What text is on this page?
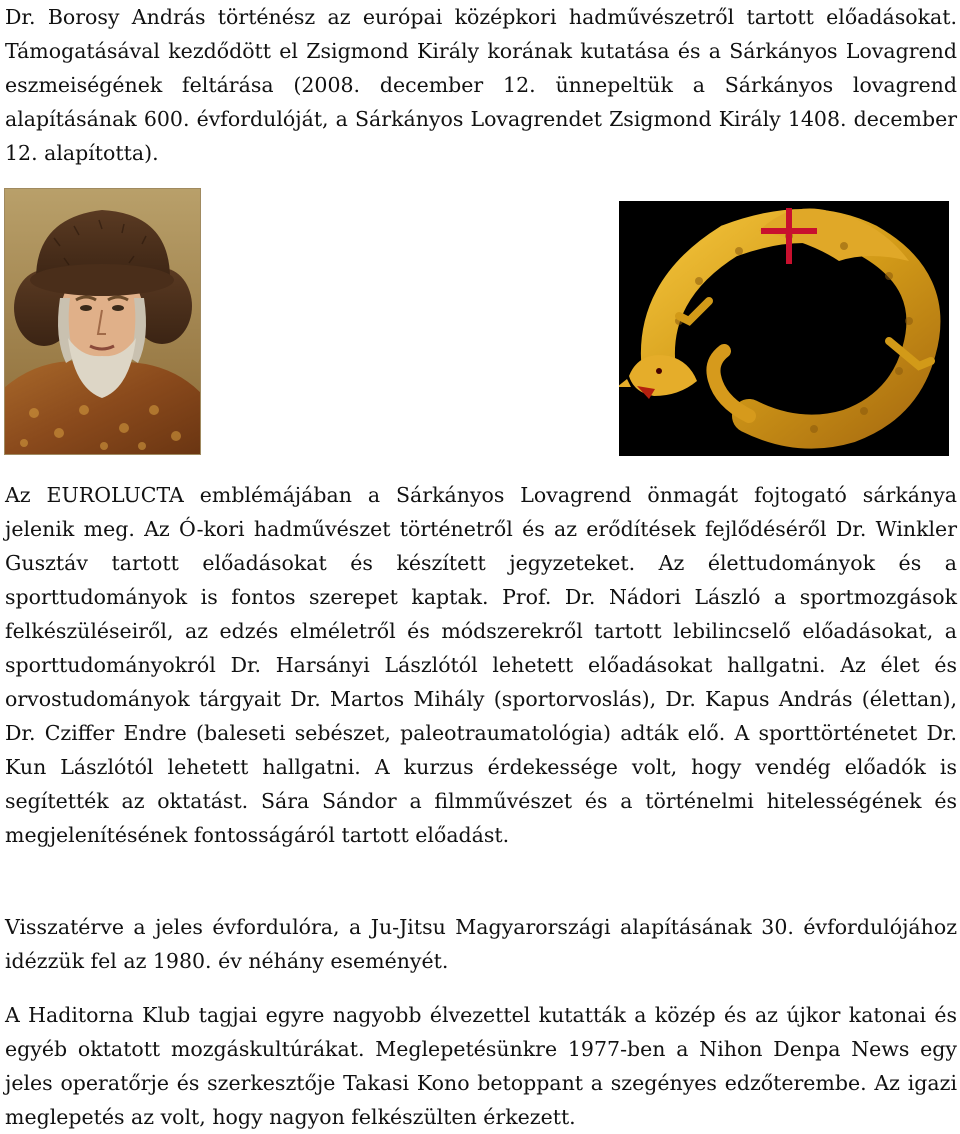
Dr. Borosy András történész az európai középkori hadművészetről tartott előadásokat. Támogatásával kezdődött el Zsigmond Király korának kutatása és a Sárkányos Lovagrend eszmeiségének feltárása (2008. december 12. ünnepeltük a Sárkányos lovagrend alapításának 600. évfordulóját, a Sárkányos Lovagrendet Zsigmond Király 1408. december 12. alapította).

Az EUROLUCTA emblémájában a Sárkányos Lovagrend önmagát fojtogató sárkánya jelenik meg. Az Ó-kori hadművészet történetről és az erődítések fejlődéséről Dr. Winkler Gusztáv tartott előadásokat és készített jegyzeteket. Az élettudományok és a sporttudományok is fontos szerepet kaptak. Prof. Dr. Nádori László a sportmozgások felkészüléseiről, az edzés elméletről és módszerekről tartott lebilincselő előadásokat, a sporttudományokról Dr. Harsányi Lászlótól lehetett előadásokat hallgatni. Az élet és orvostudományok tárgyait Dr. Martos Mihály (sportorvoslás), Dr. Kapus András (élettan), Dr. Cziffer Endre (baleseti sebészet, paleotraumatológia) adták elő. A sporttörténetet Dr. Kun Lászlótól lehetett hallgatni. A kurzus érdekessége volt, hogy vendég előadók is segítették az oktatást. Sára Sándor a filmművészet és a történelmi hitelességének és megjelenítésének fontosságáról tartott előadást.

Visszatérve a jeles évfordulóra, a Ju-Jitsu Magyarországi alapításának 30. évfordulójához idézzük fel az 1980. év néhány eseményét.

A Haditorna Klub tagjai egyre nagyobb élvezettel kutatták a közép és az újkor katonai és egyéb oktatott mozgáskultúrákat. Meglepetésünkre 1977-ben a Nihon Denpa News egy jeles operatőrje és szerkesztője Takasi Kono betoppant a szegényes edzőterembe. Az igazi meglepetés az volt, hogy nagyon felkészülten érkezett.
